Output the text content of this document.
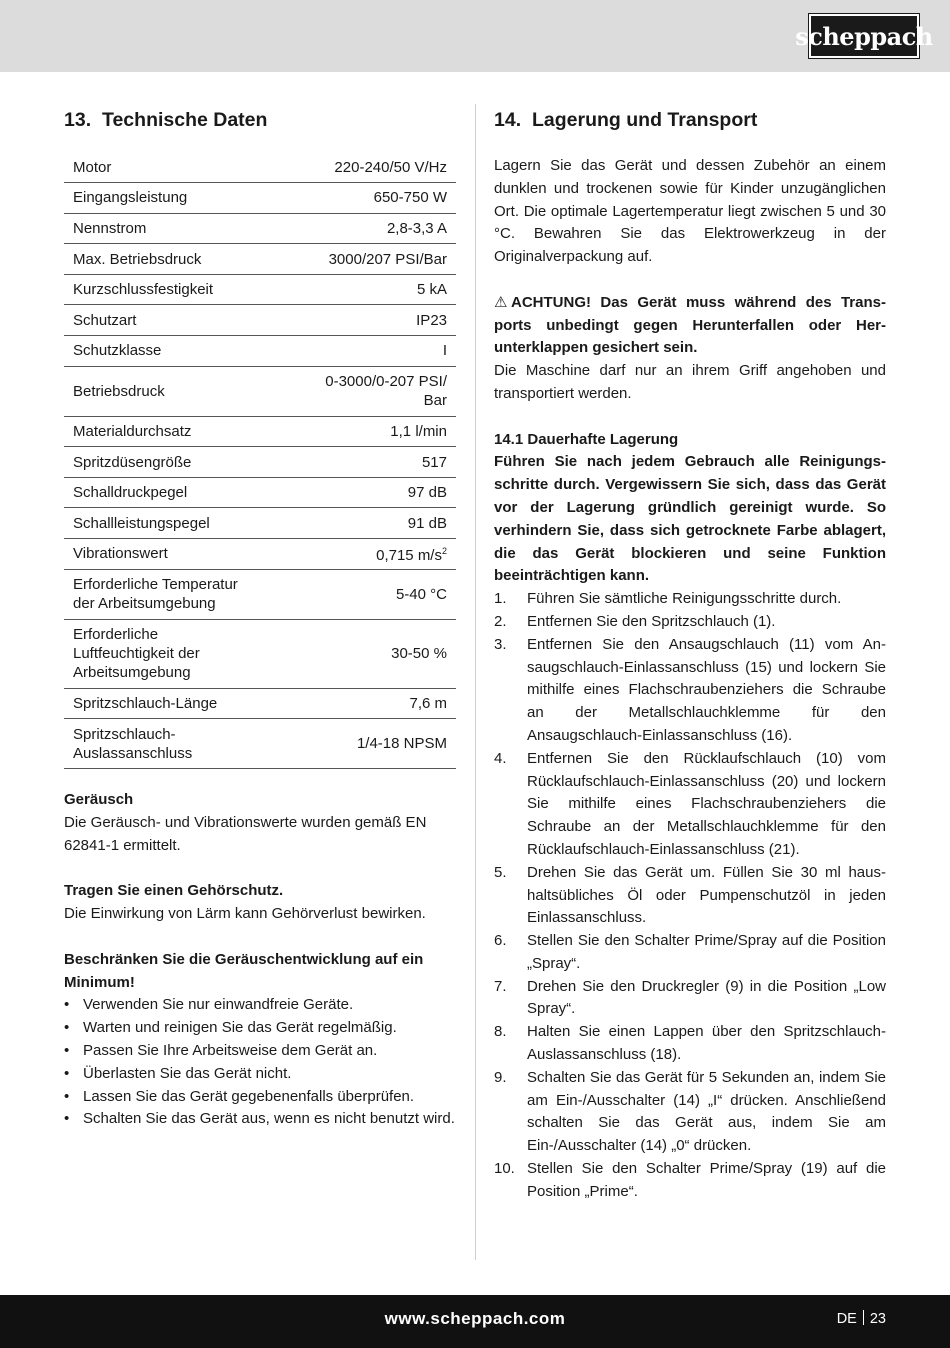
scheppach
13. Technische Daten
Motor	220-240/50 V/Hz
Eingangsleistung	650-750 W
Nennstrom	2,8-3,3 A
Max. Betriebsdruck	3000/207 PSI/Bar
Kurzschlussfestigkeit	5 kA
Schutzart	IP23
Schutzklasse	I
Betriebsdruck	0-3000/0-207 PSI/
Bar
Materialdurchsatz	1,1 l/min
Spritzdüsengröße	517
Schalldruckpegel	97 dB
Schallleistungspegel	91 dB
Vibrationswert	0,715 $m/s^2$
Erforderliche Temperatur
der Arbeitsumgebung	5-40 °C
Erforderliche
Luftfeuchtigkeit der
Arbeitsumgebung	30-50 %
Spritzschlauch-Länge	7,6 m
Spritzschlauch-
Auslassanschluss	1/4-18 NPSM

Geräusch

Die Geräusch- und Vibrationswerte wurden gemäß EN

62841-1 ermittelt.

Tragen Sie einen Gehörschutz.

Die Einwirkung von Lärm kann Gehörverlust bewirken.

Beschränken Sie die Geräuschentwicklung auf ein

Minimum!

• Verwenden Sie nur einwandfreie Geräte.
• Warten und reinigen Sie das Gerät regelmäßig.
• Passen Sie Ihre Arbeitsweise dem Gerät an.
• Überlasten Sie das Gerät nicht.
• Lassen Sie das Gerät gegebenenfalls überprüfen.
• Schalten Sie das Gerät aus, wenn es nicht benutzt wird.
14. Lagerung und Transport

Lagern Sie das Gerät und dessen Zubehör an einem dunklen und trockenen sowie für Kinder unzugänglichen Ort. Die optimale Lagertemperatur liegt zwischen 5 und 30 °C. Bewahren Sie das Elektrowerkzeug in der Originalverpackung auf.

⚠ ACHTUNG! Das Gerät muss während des Transports unbedingt gegen Herunterfallen oder Herunterklappen gesichert sein.

Die Maschine darf nur an ihrem Griff angehoben und transportiert werden.

14.1 Dauerhafte Lagerung

Führen Sie nach jedem Gebrauch alle Reinigungsschritte durch. Vergewissern Sie sich, dass das Gerät vor der Lagerung gründlich gereinigt wurde. So verhindern Sie, dass sich getrocknete Farbe ablagert, die das Gerät blockieren und seine Funktion beeinträchtigen kann.

1. Führen Sie sämtliche Reinigungsschritte durch.
2. Entfernen Sie den Spritzschlauch (1).
3. Entfernen Sie den Ansaugschlauch (11) vom Ansaugschlauch-Einlassanschluss (15) und lockern Sie mithilfe eines Flachschraubenziehers die Schraube an der Metallschlauchklemme für den Ansaugschlauch-Einlassanschluss (16).
4. Entfernen Sie den Rücklaufschlauch (10) vom Rücklaufschlauch-Einlassanschluss (20) und lockern Sie mithilfe eines Flachschraubenziehers die Schraube an der Metallschlauchklemme für den Rücklaufschlauch-Einlassanschluss (21).
5. Drehen Sie das Gerät um. Füllen Sie 30 ml haushaltsübliches Öl oder Pumpenschutzöl in jeden Einlassanschluss.
6. Stellen Sie den Schalter Prime/Spray auf die Position „Spray“.
7. Drehen Sie den Druckregler (9) in die Position „Low Spray“.
8. Halten Sie einen Lappen über den Spritzschlauch-Auslassanschluss (18).
9. Schalten Sie das Gerät für 5 Sekunden an, indem Sie am Ein-/Ausschalter (14) „I“ drücken. Anschließend schalten Sie das Gerät aus, indem Sie am Ein-/Ausschalter (14) „0“ drücken.
10. Stellen Sie den Schalter Prime/Spray (19) auf die Position „Prime“.
www.scheppach.com	DE 23
